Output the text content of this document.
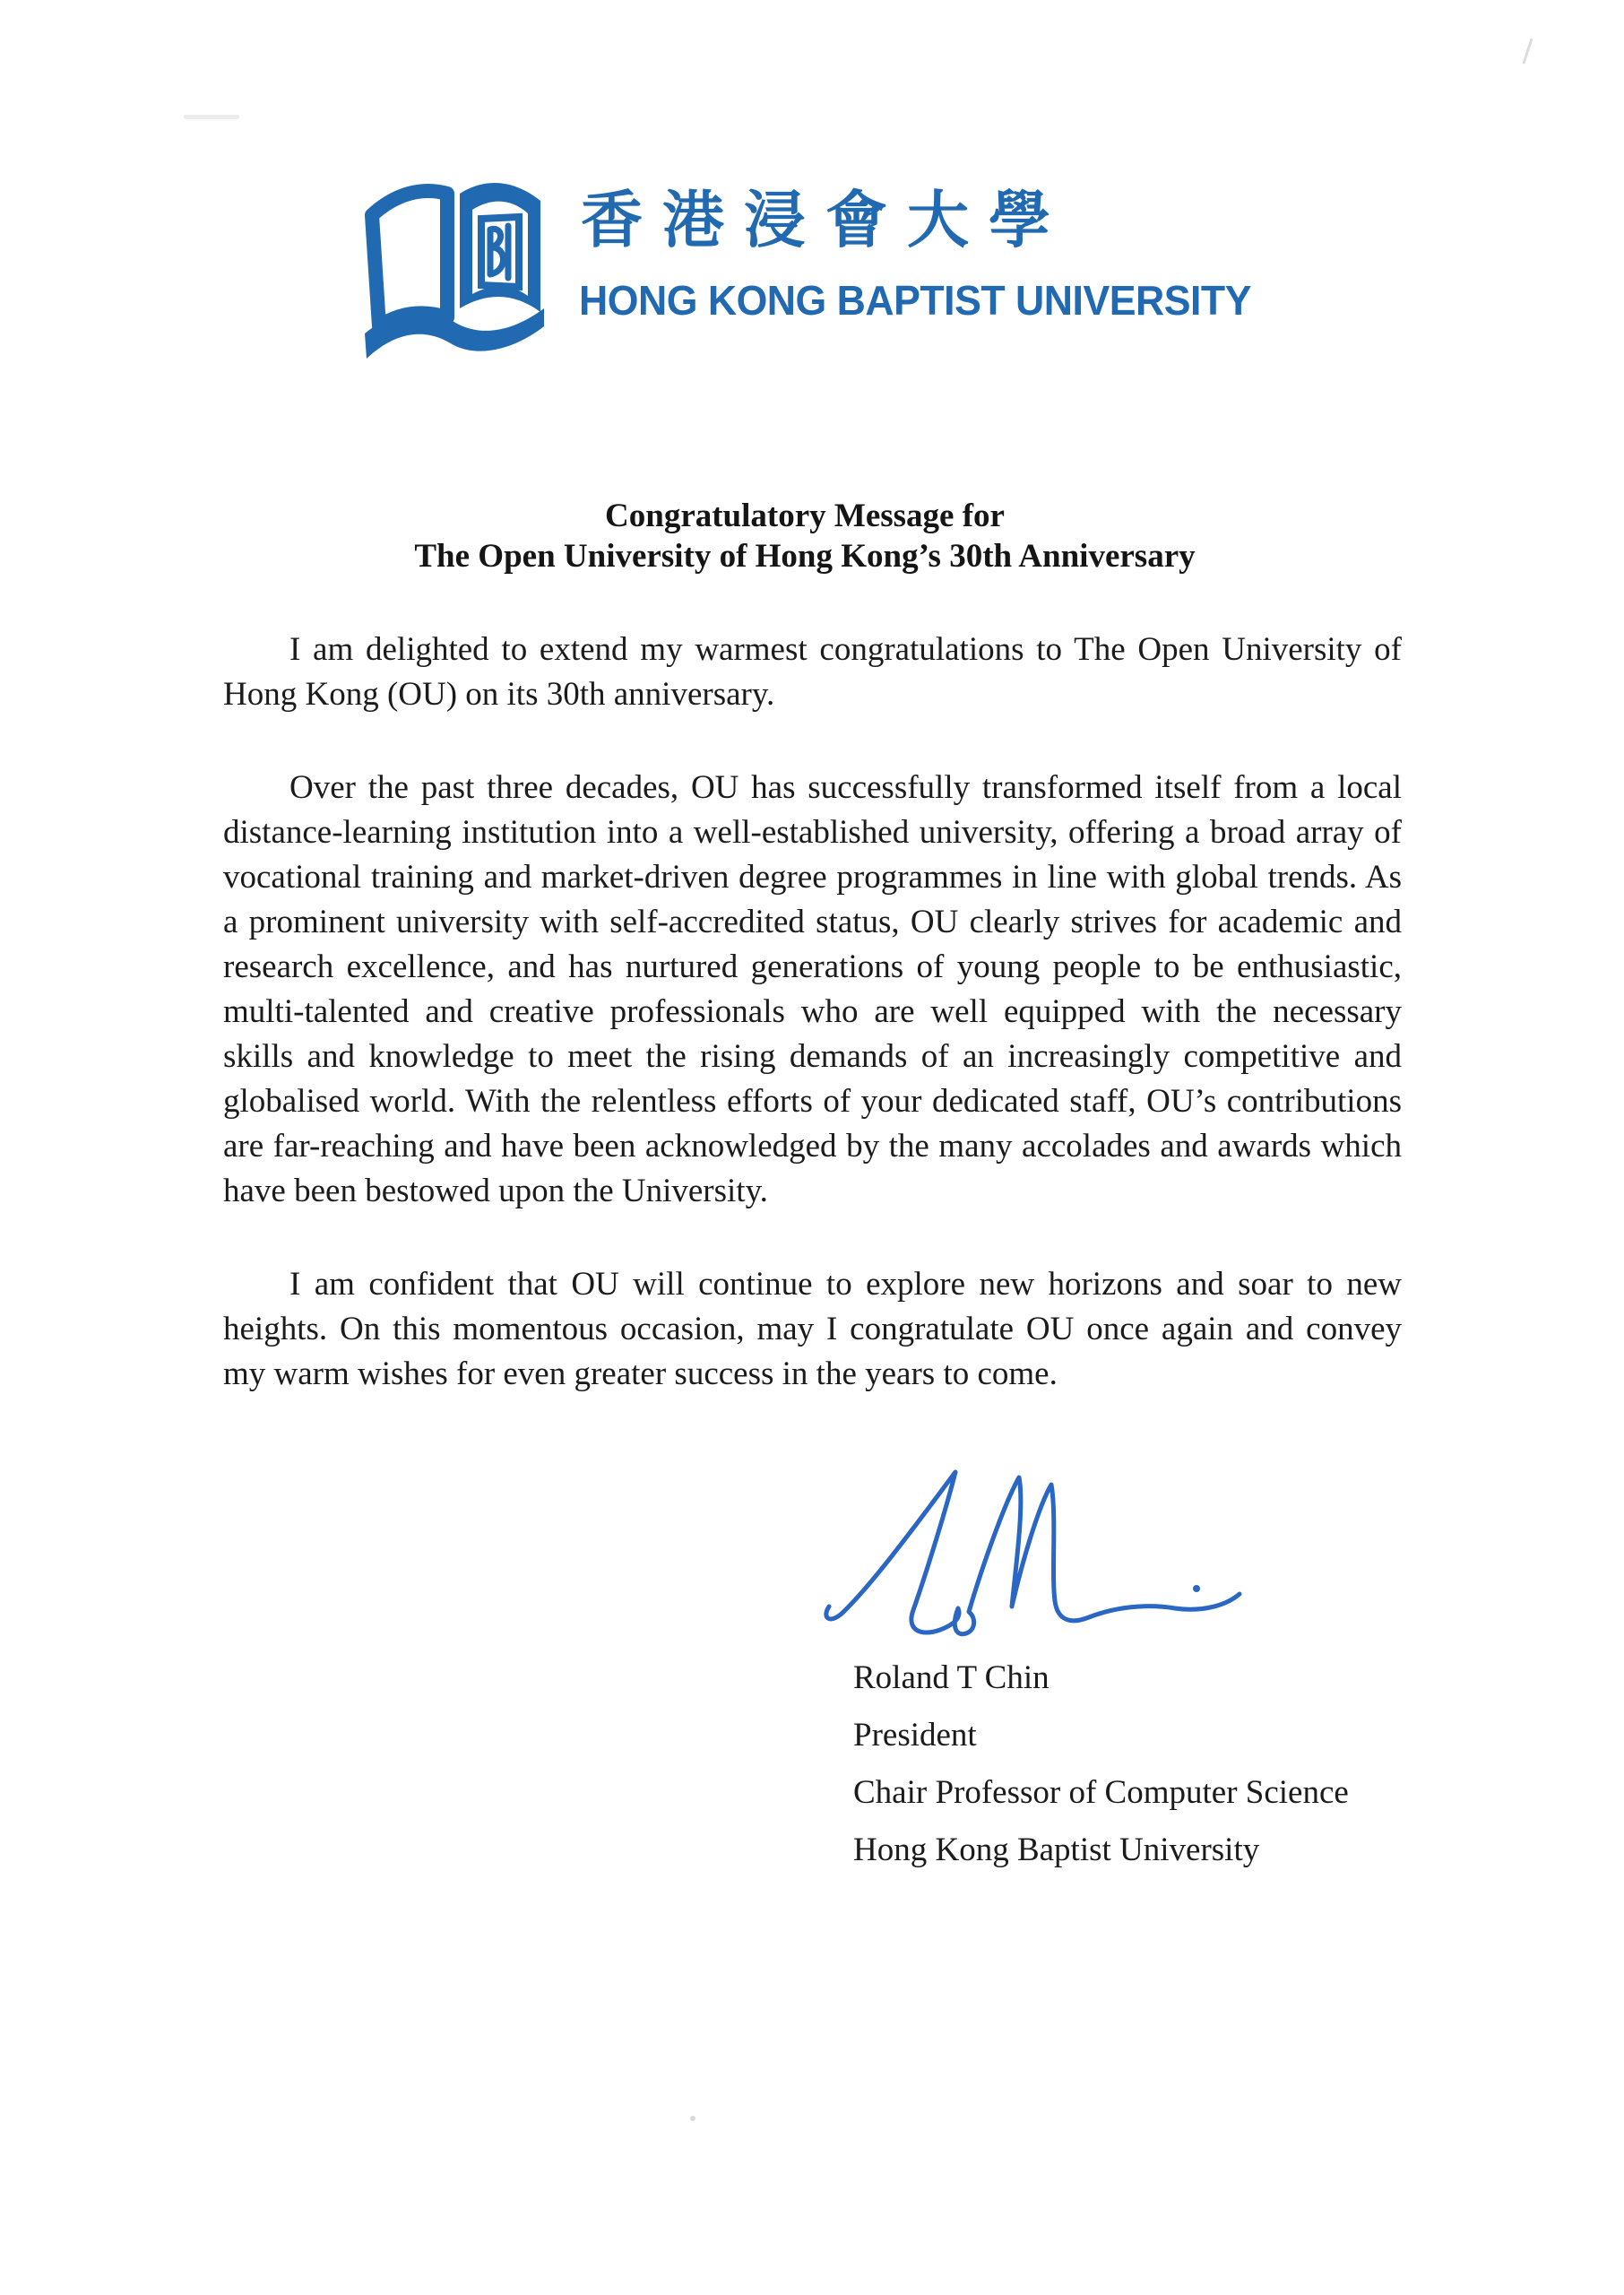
香港浸會大學
HONG KONG BAPTIST UNIVERSITY
Congratulatory Message for
The Open University of Hong Kong’s 30th Anniversary

I am delighted to extend my warmest congratulations to The Open University of Hong Kong (OU) on its 30th anniversary.

Over the past three decades, OU has successfully transformed itself from a local distance-learning institution into a well-established university, offering a broad array of vocational training and market-driven degree programmes in line with global trends. As a prominent university with self-accredited status, OU clearly strives for academic and research excellence, and has nurtured generations of young people to be enthusiastic, multi-talented and creative professionals who are well equipped with the necessary skills and knowledge to meet the rising demands of an increasingly competitive and globalised world. With the relentless efforts of your dedicated staff, OU’s contributions are far-reaching and have been acknowledged by the many accolades and awards which have been bestowed upon the University.

I am confident that OU will continue to explore new horizons and soar to new heights. On this momentous occasion, may I congratulate OU once again and convey my warm wishes for even greater success in the years to come.

Roland T Chin
President
Chair Professor of Computer Science
Hong Kong Baptist University
